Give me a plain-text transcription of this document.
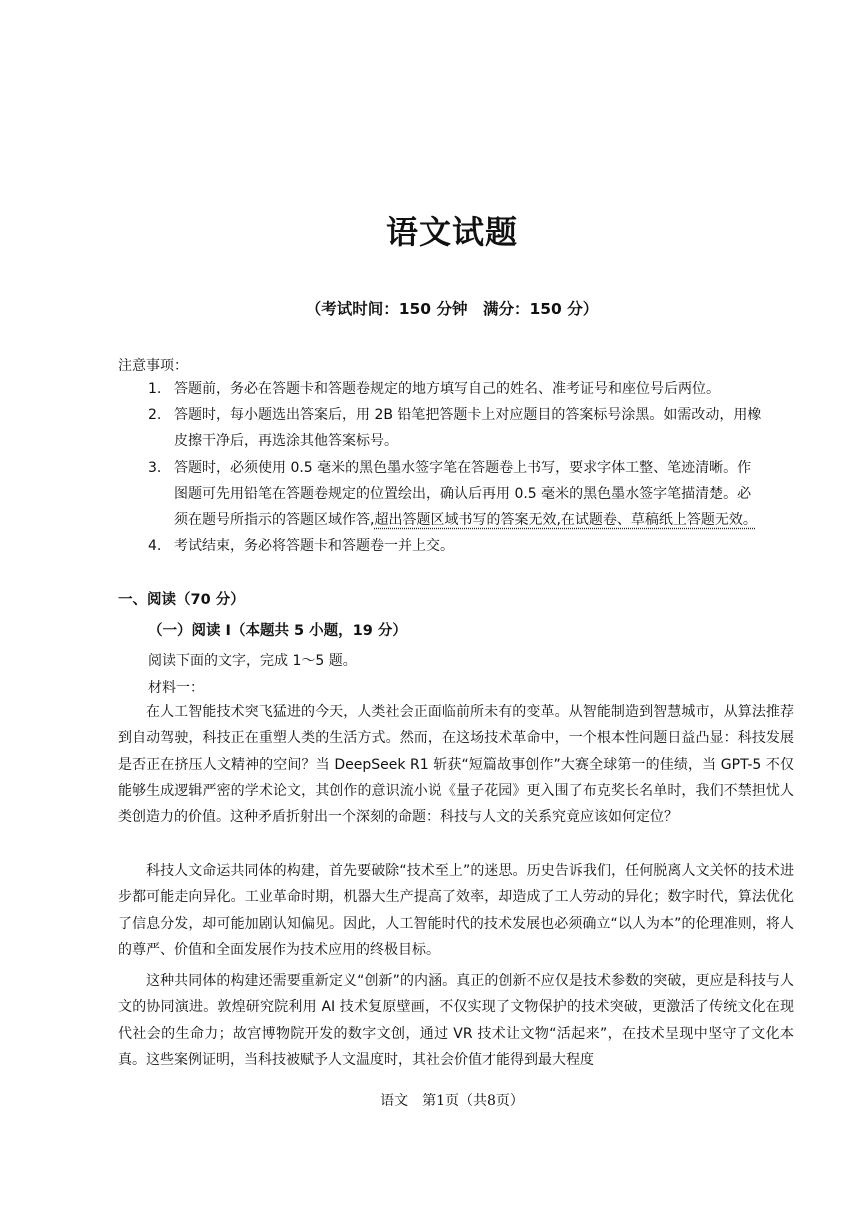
语文试题
（考试时间：150 分钟　满分：150 分）
注意事项：
1. 答题前，务必在答题卡和答题卷规定的地方填写自己的姓名、准考证号和座位号后两位。
2. 答题时，每小题选出答案后，用 2B 铅笔把答题卡上对应题目的答案标号涂黑。如需改动，用橡
皮擦干净后，再选涂其他答案标号。
3. 答题时，必须使用 0.5 毫米的黑色墨水签字笔在答题卷上书写，要求字体工整、笔迹清晰。作
图题可先用铅笔在答题卷规定的位置绘出，确认后再用 0.5 毫米的黑色墨水签字笔描清楚。必
须在题号所指示的答题区域作答,超出答题区域书写的答案无效,在试题卷、草稿纸上答题无效。
4. 考试结束，务必将答题卡和答题卷一并上交。
一、阅读（70 分）
（一）阅读 Ⅰ（本题共 5 小题，19 分）
阅读下面的文字，完成 1～5 题。
材料一：

在人工智能技术突飞猛进的今天，人类社会正面临前所未有的变革。从智能制造到智慧城市，从算法推荐到自动驾驶，科技正在重塑人类的生活方式。然而，在这场技术革命中，一个根本性问题日益凸显：科技发展是否正在挤压人文精神的空间？当 DeepSeek R1 斩获“短篇故事创作”大赛全球第一的佳绩，当 GPT-5 不仅能够生成逻辑严密的学术论文，其创作的意识流小说《量子花园》更入围了布克奖长名单时，我们不禁担忧人类创造力的价值。这种矛盾折射出一个深刻的命题：科技与人文的关系究竟应该如何定位？

科技人文命运共同体的构建，首先要破除“技术至上”的迷思。历史告诉我们，任何脱离人文关怀的技术进步都可能走向异化。工业革命时期，机器大生产提高了效率，却造成了工人劳动的异化；数字时代，算法优化了信息分发，却可能加剧认知偏见。因此，人工智能时代的技术发展也必须确立“以人为本”的伦理准则，将人的尊严、价值和全面发展作为技术应用的终极目标。

这种共同体的构建还需要重新定义“创新”的内涵。真正的创新不应仅是技术参数的突破，更应是科技与人文的协同演进。敦煌研究院利用 AI 技术复原壁画，不仅实现了文物保护的技术突破，更激活了传统文化在现代社会的生命力；故宫博物院开发的数字文创，通过 VR 技术让文物“活起来”，在技术呈现中坚守了文化本真。这些案例证明，当科技被赋予人文温度时，其社会价值才能得到最大程度

语文　第1页（共8页）
